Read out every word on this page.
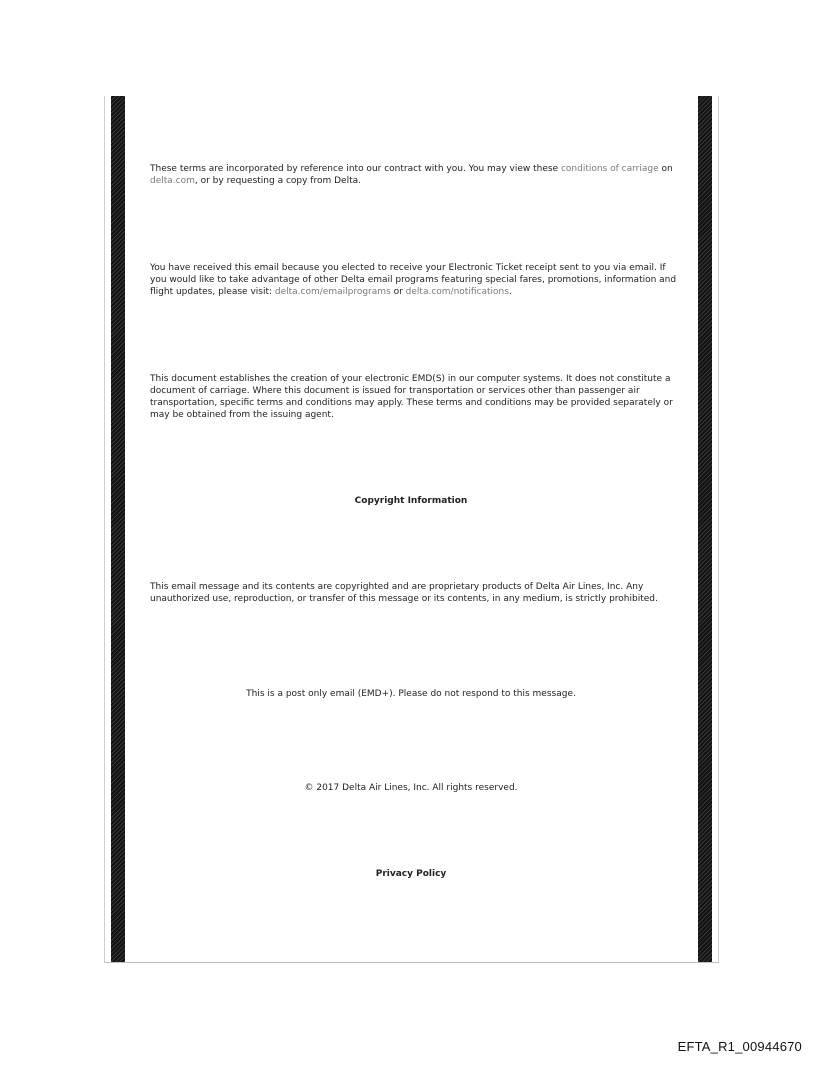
These terms are incorporated by reference into our contract with you. You may view these conditions of carriage on
delta.com, or by requesting a copy from Delta.

You have received this email because you elected to receive your Electronic Ticket receipt sent to you via email. If you would like to take advantage of other Delta email programs featuring special fares, promotions, information and flight updates, please visit: delta.com/emailprograms or delta.com/notifications.

This document establishes the creation of your electronic EMD(S) in our computer systems. It does not constitute a document of carriage. Where this document is issued for transportation or services other than passenger air transportation, specific terms and conditions may apply. These terms and conditions may be provided separately or may be obtained from the issuing agent.

Copyright Information

This email message and its contents are copyrighted and are proprietary products of Delta Air Lines, Inc. Any unauthorized use, reproduction, or transfer of this message or its contents, in any medium, is strictly prohibited.

This is a post only email (EMD+). Please do not respond to this message.

© 2017 Delta Air Lines, Inc. All rights reserved.

Privacy Policy

EFTA_R1_00944670
